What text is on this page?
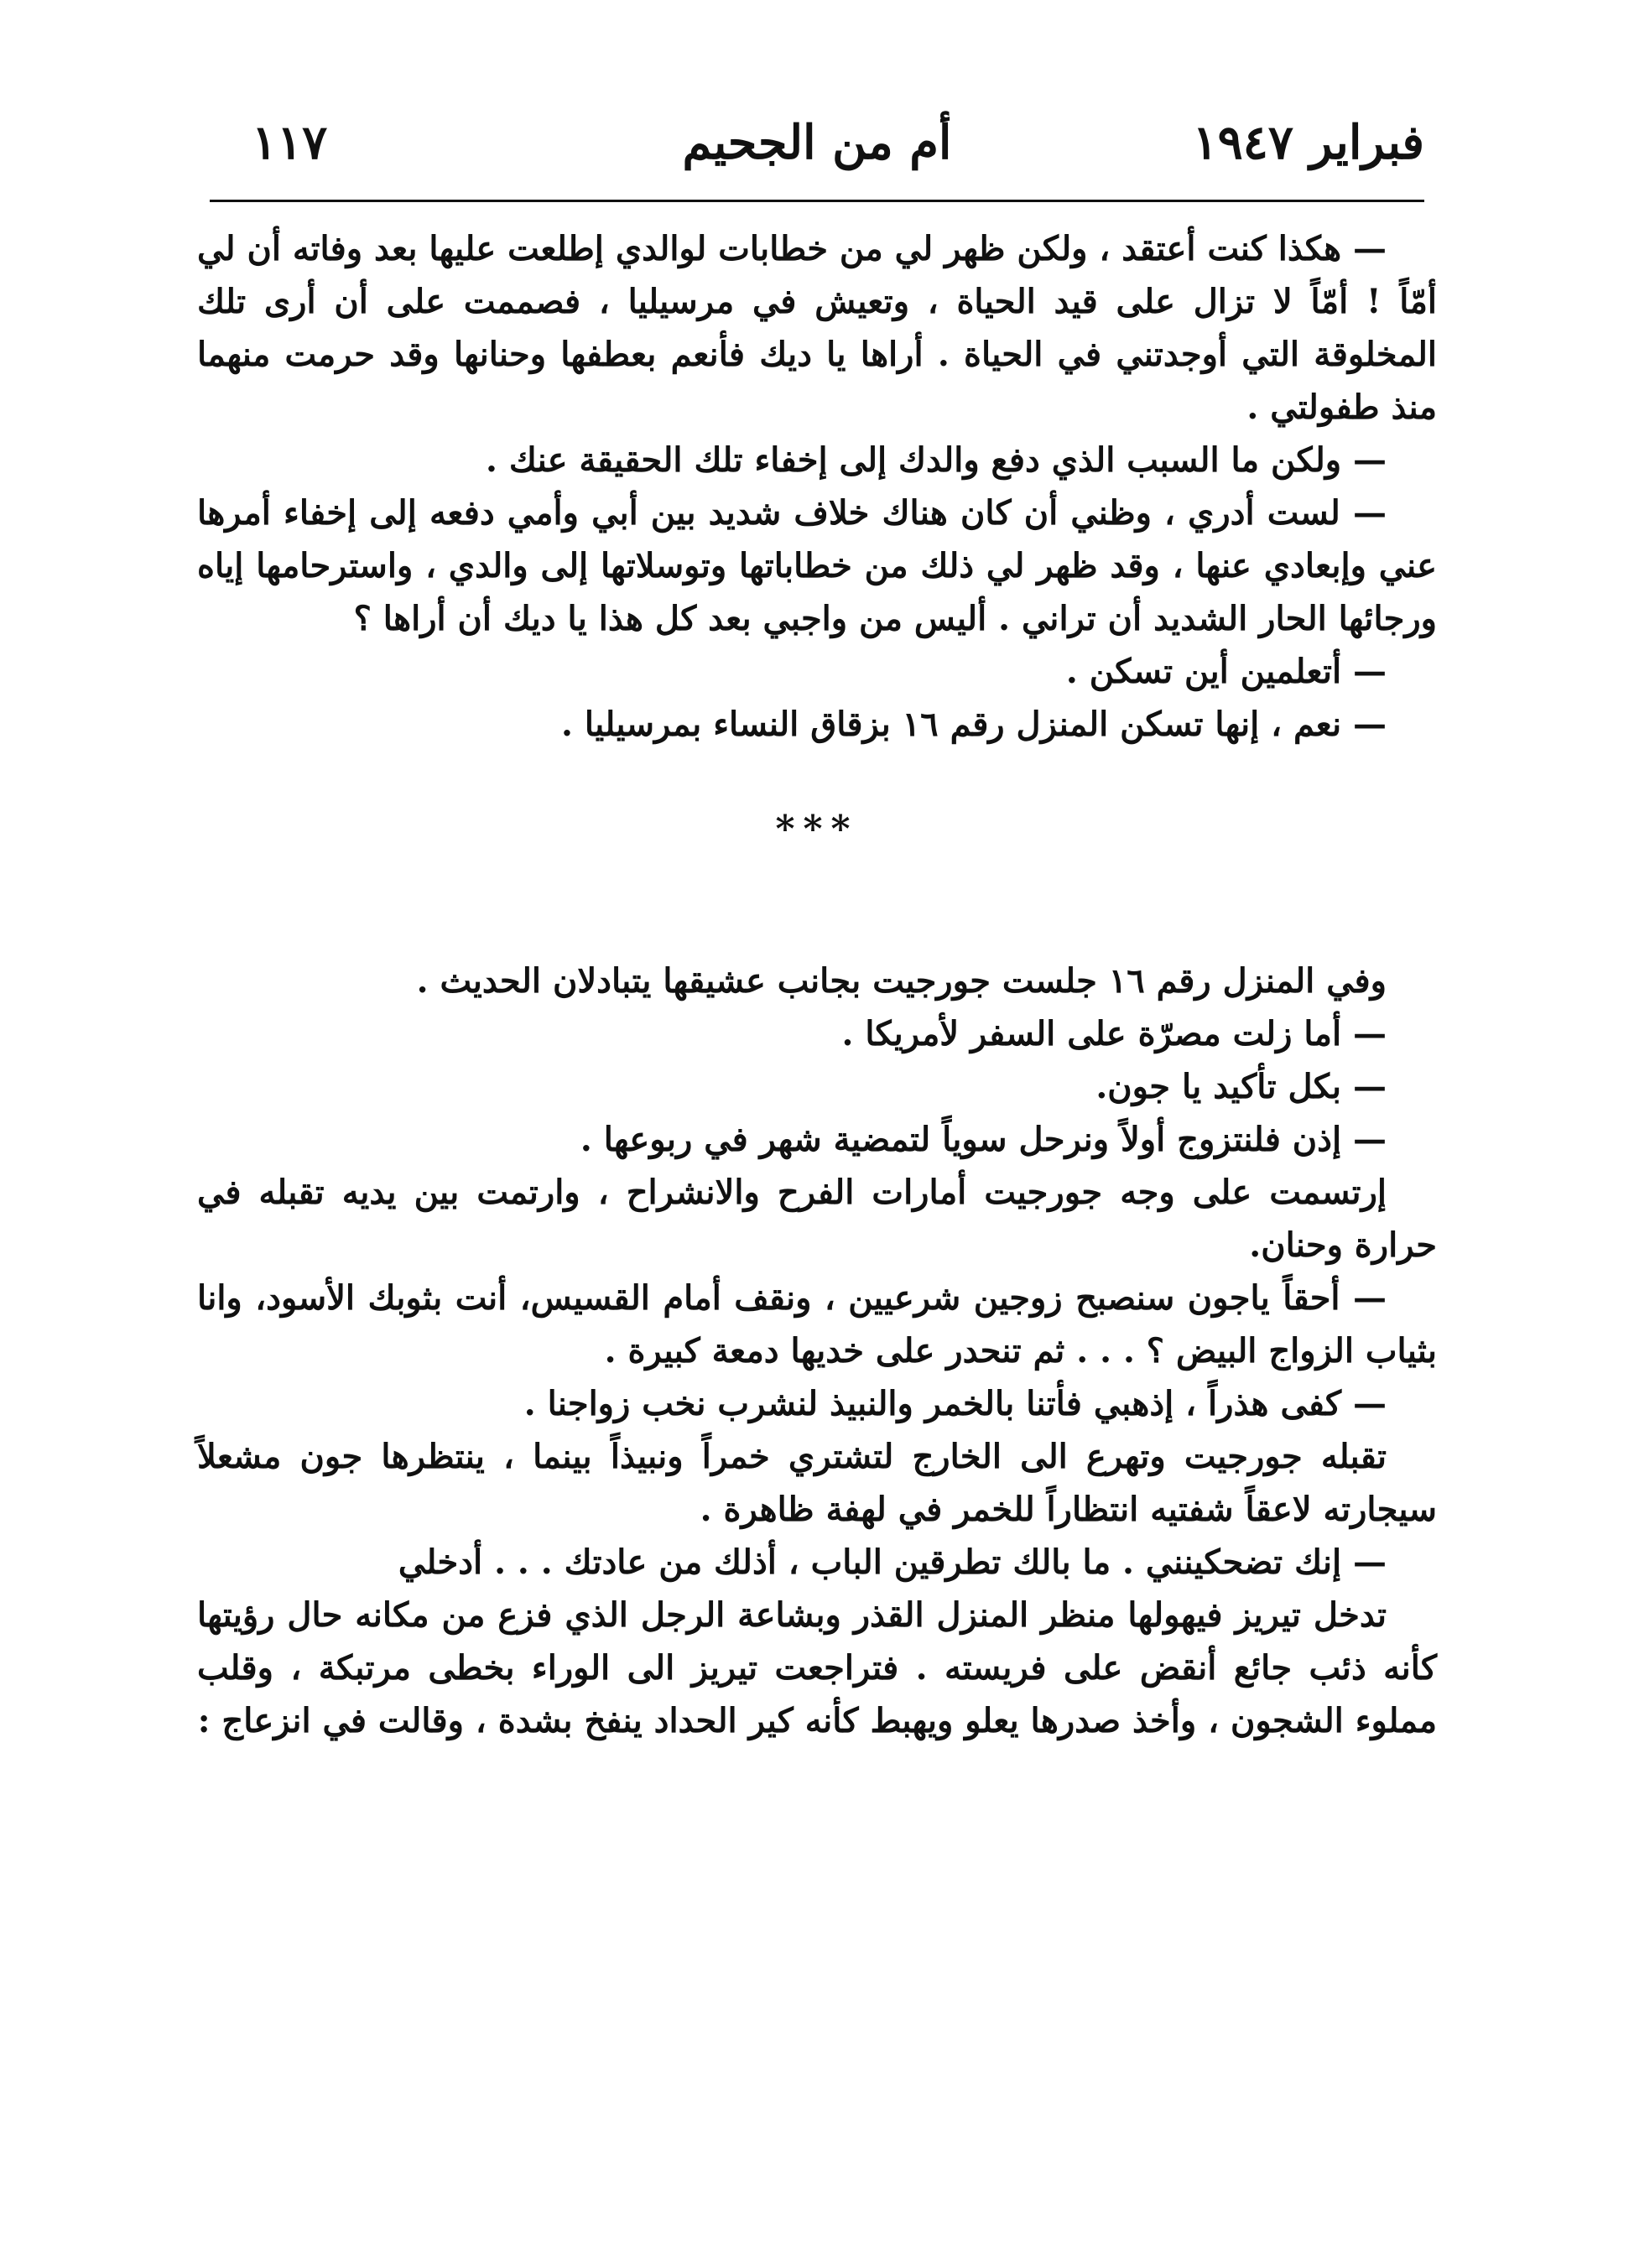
فبراير ١٩٤٧
أم من الجحيم
١١٧

— هكذا كنت أعتقد ، ولكن ظهر لي من خطابات لوالدي إطلعت عليها بعد وفاته أن لي أمّاً ! أمّاً لا تزال على قيد الحياة ، وتعيش في مرسيليا ، فصممت على أن أرى تلك المخلوقة التي أوجدتني في الحياة . أراها يا ديك فأنعم بعطفها وحنانها وقد حرمت منهما منذ طفولتي .

— ولكن ما السبب الذي دفع والدك إلى إخفاء تلك الحقيقة عنك .

— لست أدري ، وظني أن كان هناك خلاف شديد بين أبي وأمي دفعه إلى إخفاء أمرها عني وإبعادي عنها ، وقد ظهر لي ذلك من خطاباتها وتوسلاتها إلى والدي ، واسترحامها إياه ورجائها الحار الشديد أن تراني . أليس من واجبي بعد كل هذا يا ديك أن أراها ؟

— أتعلمين أين تسكن .

— نعم ، إنها تسكن المنزل رقم ١٦ بزقاق النساء بمرسيليا .

***

وفي المنزل رقم ١٦ جلست جورجيت بجانب عشيقها يتبادلان الحديث .

— أما زلت مصرّة على السفر لأمريكا .

— بكل تأكيد يا جون.

— إذن فلنتزوج أولاً ونرحل سوياً لتمضية شهر في ربوعها .

إرتسمت على وجه جورجيت أمارات الفرح والانشراح ، وارتمت بين يديه تقبله في حرارة وحنان.

— أحقاً ياجون سنصبح زوجين شرعيين ، ونقف أمام القسيس، أنت بثوبك الأسود، وانا بثياب الزواج البيض ؟ . . . ثم تنحدر على خديها دمعة كبيرة .

— كفى هذراً ، إذهبي فأتنا بالخمر والنبيذ لنشرب نخب زواجنا .

تقبله جورجيت وتهرع الى الخارج لتشتري خمراً ونبيذاً بينما ، ينتظرها جون مشعلاً سيجارته لاعقاً شفتيه انتظاراً للخمر في لهفة ظاهرة .

— إنك تضحكينني . ما بالك تطرقين الباب ، أذلك من عادتك . . . أدخلي

تدخل تيريز فيهولها منظر المنزل القذر وبشاعة الرجل الذي فزع من مكانه حال رؤيتها كأنه ذئب جائع أنقض على فريسته . فتراجعت تيريز الى الوراء بخطى مرتبكة ، وقلب مملوء الشجون ، وأخذ صدرها يعلو ويهبط كأنه كير الحداد ينفخ بشدة ، وقالت في انزعاج :
